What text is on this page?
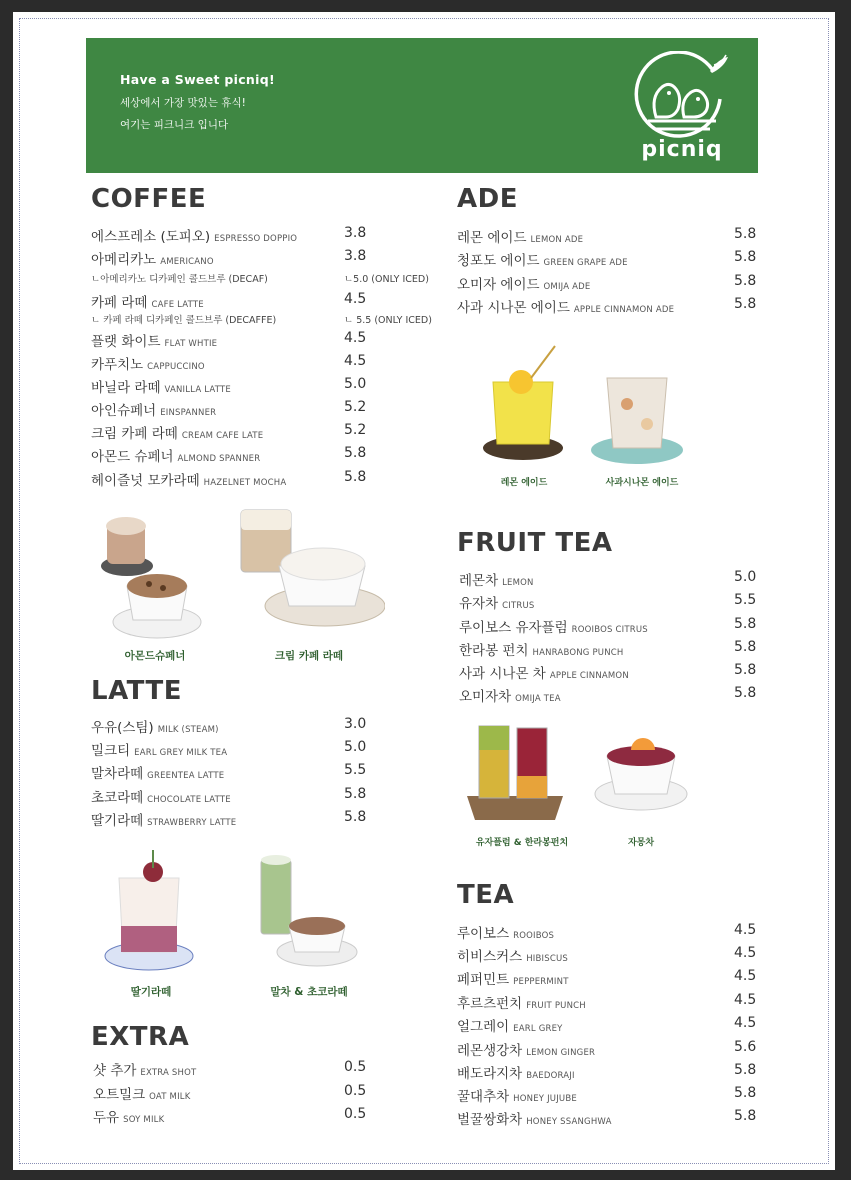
Have a Sweet picniq!
세상에서 가장 맛있는 휴식!
여기는 피크니크 입니다
picniq
COFFEE
에스프레소 (도피오) ESPRESSO DOPPIO	3.8
아메리카노 AMERICANO	3.8
카페 라떼 CAFE LATTE	4.5
플랫 화이트 FLAT WHTIE	4.5
카푸치노 CAPPUCCINO	4.5
바닐라 라떼 VANILLA LATTE	5.0
아인슈페너 EINSPANNER	5.2
크림 카페 라떼 CREAM CAFE LATE	5.2
아몬드 슈페너 ALMOND SPANNER	5.8
헤이즐넛 모카라떼 HAZELNET MOCHA	5.8
ㄴ아메리카노 디카페인 콜드브루 (DECAF)	ㄴ5.0 (ONLY ICED)
ㄴ 카페 라떼 디카페인 콜드브루 (DECAFFE)	ㄴ 5.5 (ONLY ICED)
아몬드슈페너	크림 카페 라떼
LATTE
우유(스팀) MILK (STEAM)	3.0
밀크티 EARL GREY MILK TEA	5.0
말차라떼 GREENTEA LATTE	5.5
초코라떼 CHOCOLATE LATTE	5.8
딸기라떼 STRAWBERRY LATTE	5.8
딸기라떼	말차 & 초코라떼
EXTRA
샷 추가 EXTRA SHOT	0.5
오트밀크 OAT MILK	0.5
두유 SOY MILK	0.5
ADE
레몬 에이드 LEMON ADE	5.8
청포도 에이드 GREEN GRAPE ADE	5.8
오미자 에이드 OMIJA ADE	5.8
사과 시나몬 에이드 APPLE CINNAMON ADE	5.8
레몬 에이드	사과시나몬 에이드
FRUIT TEA
레몬차 LEMON	5.0
유자차 CITRUS	5.5
루이보스 유자플럼 ROOIBOS CITRUS	5.8
한라봉 펀치 HANRABONG PUNCH	5.8
사과 시나몬 차 APPLE CINNAMON	5.8
오미자차 OMIJA TEA	5.8
유자플럼 & 한라봉펀치	자몽차
TEA
루이보스 ROOIBOS	4.5
히비스커스 HIBISCUS	4.5
페퍼민트 PEPPERMINT	4.5
후르츠펀치 FRUIT PUNCH	4.5
얼그레이 EARL GREY	4.5
레몬생강차 LEMON GINGER	5.6
배도라지차 BAEDORAJI	5.8
꿀대추차 HONEY JUJUBE	5.8
벌꿀쌍화차 HONEY SSANGHWA	5.8
